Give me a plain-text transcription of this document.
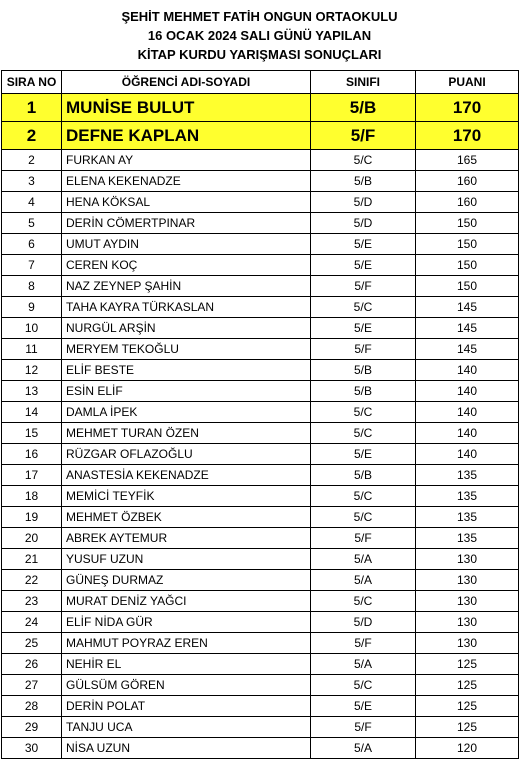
ŞEHİT MEHMET FATİH ONGUN ORTAOKULU
16 OCAK 2024 SALI GÜNÜ YAPILAN
KİTAP KURDU YARIŞMASI SONUÇLARI
SIRA NO	ÖĞRENCİ ADI-SOYADI	SINIFI	PUANI
1	MUNİSE BULUT	5/B	170
2	DEFNE KAPLAN	5/F	170
2	FURKAN AY	5/C	165
3	ELENA KEKENADZE	5/B	160
4	HENA KÖKSAL	5/D	160
5	DERİN CÖMERTPINAR	5/D	150
6	UMUT AYDIN	5/E	150
7	CEREN KOÇ	5/E	150
8	NAZ ZEYNEP ŞAHİN	5/F	150
9	TAHA KAYRA TÜRKASLAN	5/C	145
10	NURGÜL ARŞİN	5/E	145
11	MERYEM TEKOĞLU	5/F	145
12	ELİF BESTE	5/B	140
13	ESİN ELİF	5/B	140
14	DAMLA İPEK	5/C	140
15	MEHMET TURAN ÖZEN	5/C	140
16	RÜZGAR OFLAZOĞLU	5/E	140
17	ANASTESİA KEKENADZE	5/B	135
18	MEMİCİ TEYFİK	5/C	135
19	MEHMET ÖZBEK	5/C	135
20	ABREK AYTEMUR	5/F	135
21	YUSUF UZUN	5/A	130
22	GÜNEŞ DURMAZ	5/A	130
23	MURAT DENİZ YAĞCI	5/C	130
24	ELİF NİDA GÜR	5/D	130
25	MAHMUT POYRAZ EREN	5/F	130
26	NEHİR EL	5/A	125
27	GÜLSÜM GÖREN	5/C	125
28	DERİN POLAT	5/E	125
29	TANJU UCA	5/F	125
30	NİSA UZUN	5/A	120
